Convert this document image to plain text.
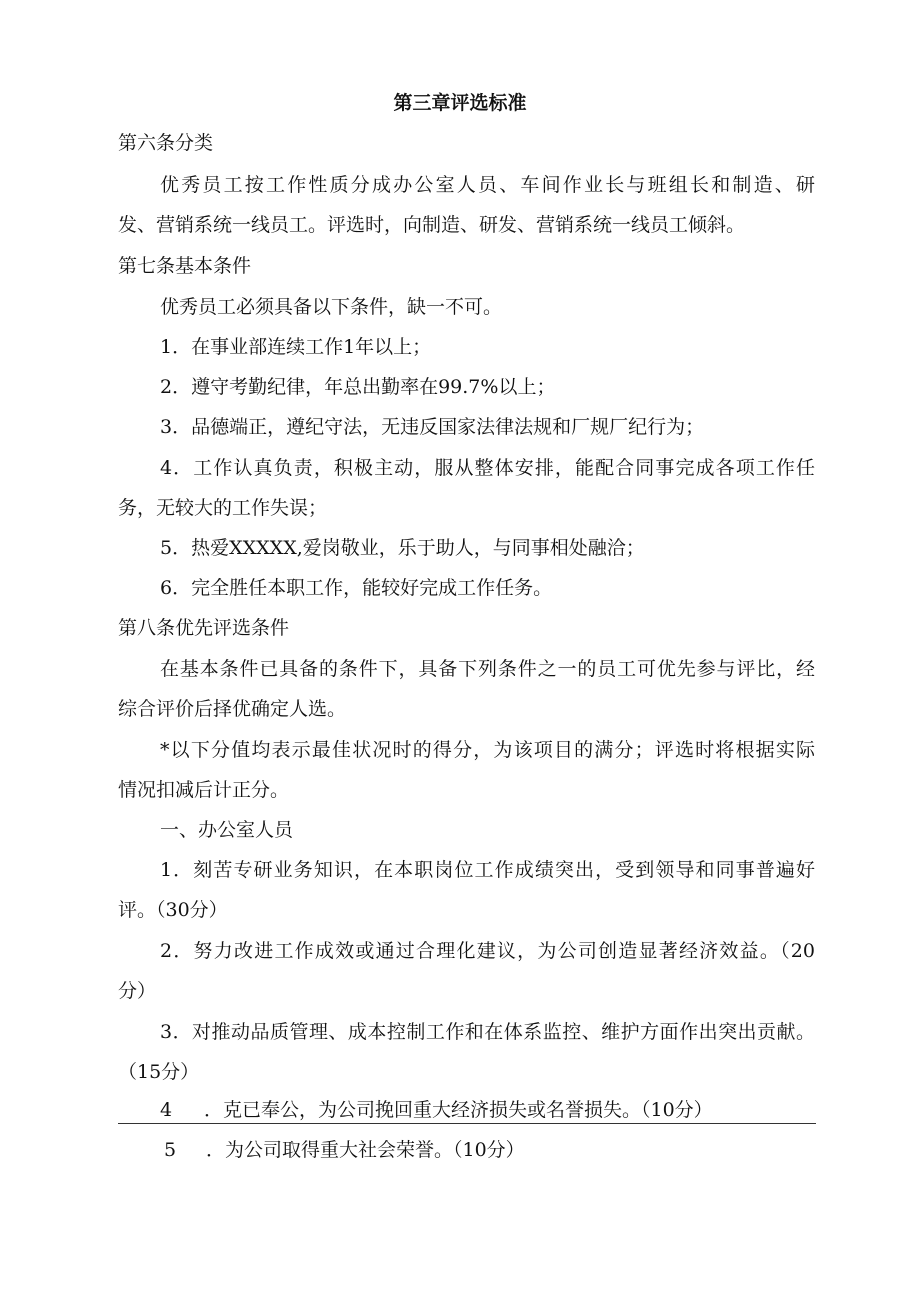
第三章评选标准
第六条分类
优秀员工按工作性质分成办公室人员、车间作业长与班组长和制造、研
发、营销系统一线员工。评选时，向制造、研发、营销系统一线员工倾斜。
第七条基本条件
优秀员工必须具备以下条件，缺一不可。
1．在事业部连续工作1年以上；
2．遵守考勤纪律，年总出勤率在99.7%以上；
3．品德端正，遵纪守法，无违反国家法律法规和厂规厂纪行为；
4．工作认真负责，积极主动，服从整体安排，能配合同事完成各项工作任
务，无较大的工作失误；
5．热爱XXXXX,爱岗敬业，乐于助人，与同事相处融洽；
6．完全胜任本职工作，能较好完成工作任务。
第八条优先评选条件
在基本条件已具备的条件下，具备下列条件之一的员工可优先参与评比，经
综合评价后择优确定人选。
*以下分值均表示最佳状况时的得分，为该项目的满分；评选时将根据实际
情况扣减后计正分。
一、办公室人员
1．刻苦专研业务知识，在本职岗位工作成绩突出，受到领导和同事普遍好
评。（30分）
2．努力改进工作成效或通过合理化建议，为公司创造显著经济效益。（20
分）
3．对推动品质管理、成本控制工作和在体系监控、维护方面作出突出贡献。
（15分）
4 ．克已奉公，为公司挽回重大经济损失或名誉损失。（10分）
5 ．为公司取得重大社会荣誉。（10分）
